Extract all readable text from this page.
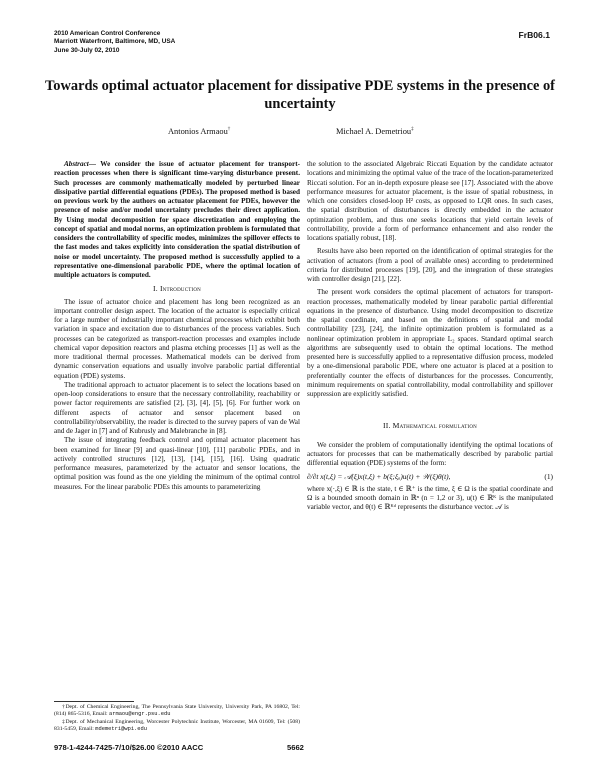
2010 American Control Conference
Marriott Waterfront, Baltimore, MD, USA
June 30-July 02, 2010
FrB06.1
Towards optimal actuator placement for dissipative PDE systems in the presence of uncertainty
Antonios Armaou†	Michael A. Demetriou‡

Abstract— We consider the issue of actuator placement for transport-reaction processes when there is significant time-varying disturbance present. Such processes are commonly mathematically modeled by perturbed linear dissipative partial differential equations (PDEs). The proposed method is based on previous work by the authors on actuator placement for PDEs, however the presence of noise and/or model uncertainty precludes their direct application. By Using modal decomposition for space discretization and employing the concept of spatial and modal norms, an optimization problem is formulated that considers the controllability of specific modes, minimizes the spillover effects to the fast modes and takes explicitly into consideration the spatial distribution of noise or model uncertainty. The proposed method is successfully applied to a representative one-dimensional parabolic PDE, where the optimal location of multiple actuators is computed.

I. Introduction

The issue of actuator choice and placement has long been recognized as an important controller design aspect. The location of the actuator is especially critical for a large number of industrially important chemical processes which exhibit both variation in space and excitation due to disturbances of the process variables. Such processes can be categorized as transport-reaction processes and examples include chemical vapor deposition reactors and plasma etching processes [1] as well as the more traditional thermal processes. Mathematical models can be derived from dynamic conservation equations and usually involve parabolic partial differential equation (PDE) systems.

The traditional approach to actuator placement is to select the locations based on open-loop considerations to ensure that the necessary controllability, reachability or power factor requirements are satisfied [2], [3], [4], [5], [6]. For further work on different aspects of actuator and sensor placement based on controllability/observability, the reader is directed to the survey papers of van de Wal and de Jager in [7] and of Kubrusly and Malebranche in [8].

The issue of integrating feedback control and optimal actuator placement has been examined for linear [9] and quasi-linear [10], [11] parabolic PDEs, and in actively controlled structures [12], [13], [14], [15], [16]. Using quadratic performance measures, parameterized by the actuator and sensor locations, the optimal position was found as the one yielding the minimum of the optimal control measures. For the linear parabolic PDEs this amounts to parameterizing

the solution to the associated Algebraic Riccati Equation by the candidate actuator locations and minimizing the optimal value of the trace of the location-parameterized Riccati solution. For an in-depth exposure please see [17]. Associated with the above performance measures for actuator placement, is the issue of spatial robustness, in which one considers closed-loop H² costs, as opposed to LQR ones. In such cases, the spatial distribution of disturbances is directly embedded in the actuator optimization problem, and thus one seeks locations that yield certain levels of controllability, provide a form of performance enhancement and also render the locations spatially robust, [18].

Results have also been reported on the identification of optimal strategies for the activation of actuators (from a pool of available ones) according to predetermined criteria for distributed processes [19], [20], and the integration of these strategies with controller design [21], [22].

The present work considers the optimal placement of actuators for transport-reaction processes, mathematically modeled by linear parabolic partial differential equations in the presence of disturbance. Using model decomposition to discretize the spatial coordinate, and based on the definitions of spatial and modal controllability [23], [24], the infinite optimization problem is formulated as a nonlinear optimization problem in appropriate L₂ spaces. Standard optimal search algorithms are subsequently used to obtain the optimal locations. The method presented here is successfully applied to a representative diffusion process, modeled by a one-dimensional parabolic PDE, where one actuator is placed at a position to preferentially counter the effects of disturbances for the processes. Concurrently, minimum requirements on spatial controllability, modal controllability and spillover suppression are explicitly satisfied.

II. Mathematical formulation

We consider the problem of computationally identifying the optimal locations of actuators for processes that can be mathematically described by parabolic partial differential equation (PDE) systems of the form:

∂/∂t x(t,ξ) = 𝒜(ξ)x(t,ξ) + b(ξ;ξₐ)u(t) + 𝒲(ξ)θ(t),	(1)

where x(·,ξ) ∈ ℝ is the state, t ∈ ℝ⁺ is the time, ξ ∈ Ω is the spatial coordinate and Ω is a bounded smooth domain in ℝⁿ (n = 1,2 or 3), u(t) ∈ ℝᴷ is the manipulated variable vector, and θ(t) ∈ ℝᴷᵈ represents the disturbance vector. 𝒜 is

†Dept. of Chemical Engineering, The Pennsylvania State University, University Park, PA 16802, Tel: (814) 865-5316, Email: armaou@engr.psu.edu

‡Dept. of Mechanical Engineering, Worcester Polytechnic Institute, Worcester, MA 01609, Tel: (508) 831-5459, Email: mdemetri@wpi.edu

978-1-4244-7425-7/10/$26.00 ©2010 AACC	5662
